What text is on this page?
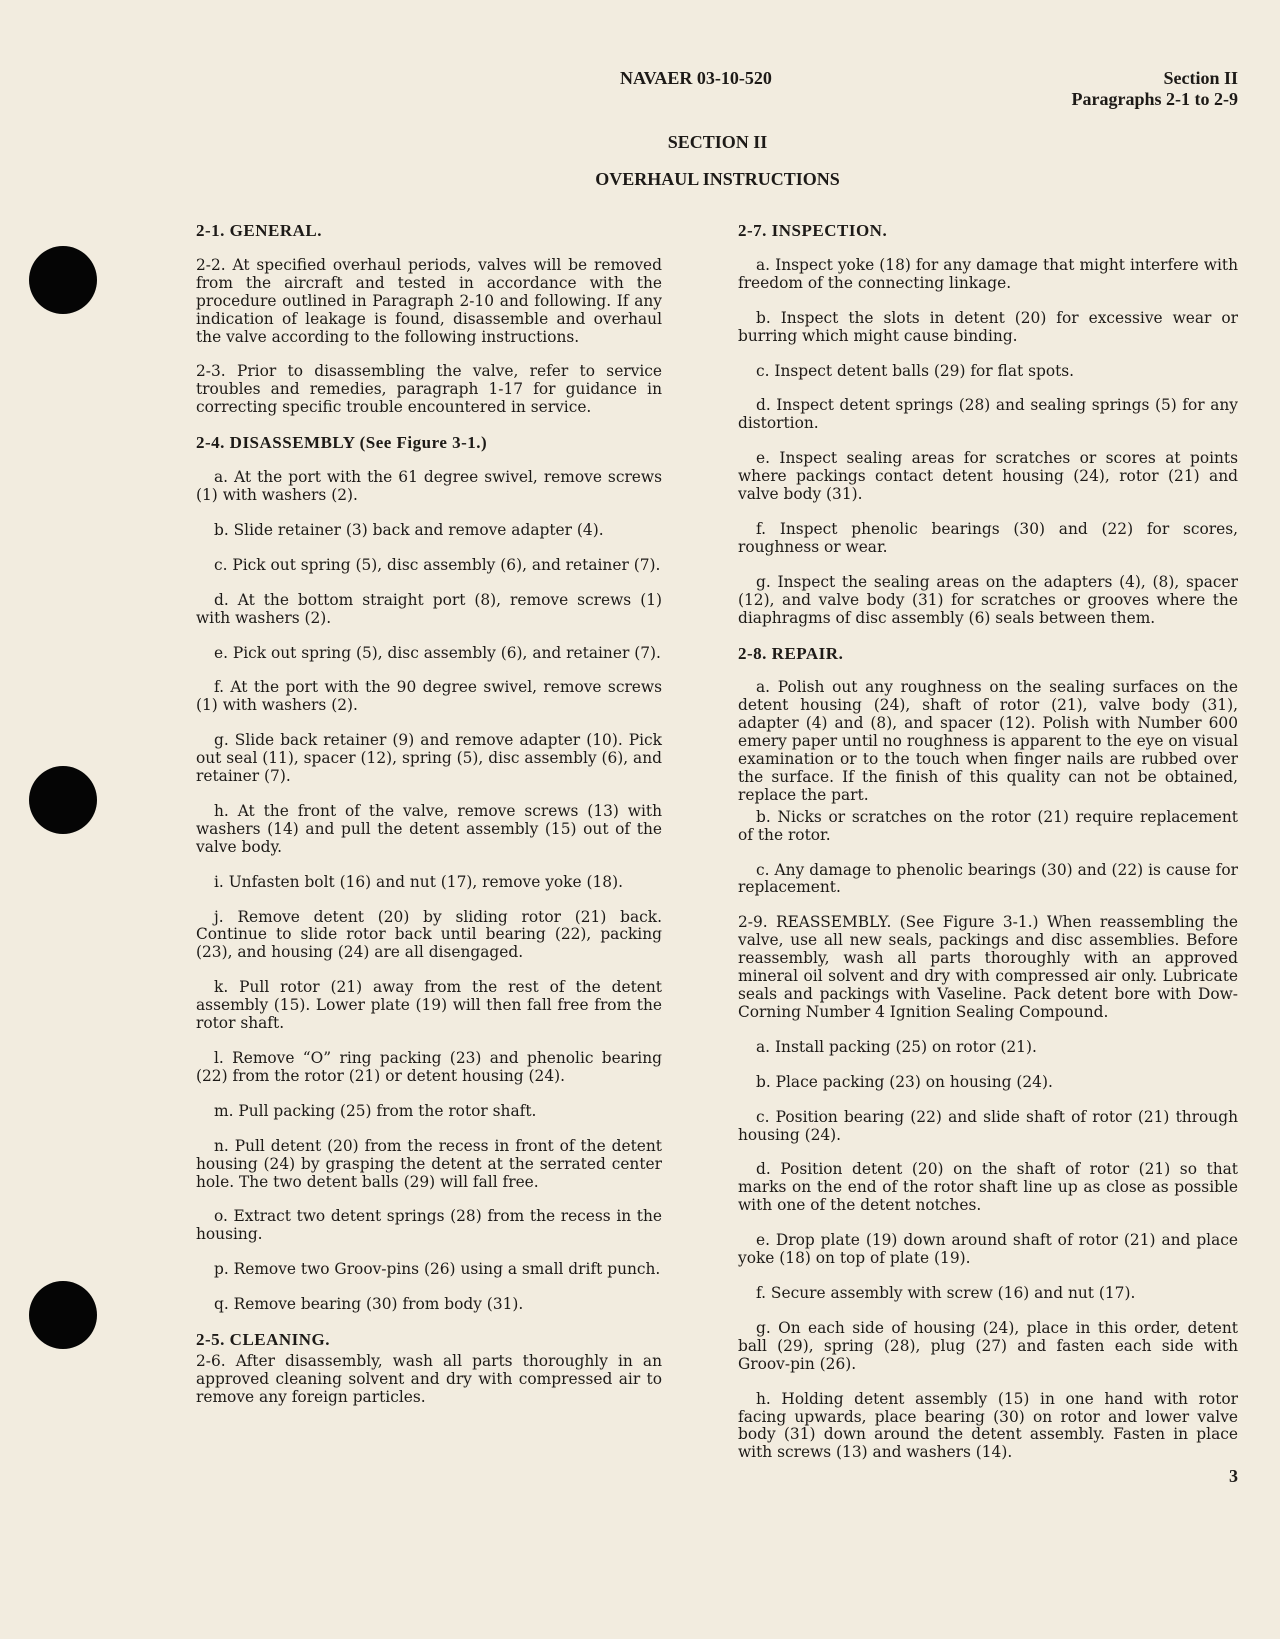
NAVAER 03-10-520	Section II
Paragraphs 2-1 to 2-9
SECTION II
OVERHAUL INSTRUCTIONS

2-1. GENERAL.

2-2. At specified overhaul periods, valves will be removed from the aircraft and tested in accordance with the procedure outlined in Paragraph 2-10 and following. If any indication of leakage is found, disassemble and overhaul the valve according to the following instructions.

2-3. Prior to disassembling the valve, refer to service troubles and remedies, paragraph 1-17 for guidance in correcting specific trouble encountered in service.

2-4. DISASSEMBLY (See Figure 3-1.)

a. At the port with the 61 degree swivel, remove screws (1) with washers (2).

b. Slide retainer (3) back and remove adapter (4).

c. Pick out spring (5), disc assembly (6), and retainer (7).

d. At the bottom straight port (8), remove screws (1) with washers (2).

e. Pick out spring (5), disc assembly (6), and retainer (7).

f. At the port with the 90 degree swivel, remove screws (1) with washers (2).

g. Slide back retainer (9) and remove adapter (10). Pick out seal (11), spacer (12), spring (5), disc assembly (6), and retainer (7).

h. At the front of the valve, remove screws (13) with washers (14) and pull the detent assembly (15) out of the valve body.

i. Unfasten bolt (16) and nut (17), remove yoke (18).

j. Remove detent (20) by sliding rotor (21) back. Continue to slide rotor back until bearing (22), packing (23), and housing (24) are all disengaged.

k. Pull rotor (21) away from the rest of the detent assembly (15). Lower plate (19) will then fall free from the rotor shaft.

l. Remove “O” ring packing (23) and phenolic bearing (22) from the rotor (21) or detent housing (24).

m. Pull packing (25) from the rotor shaft.

n. Pull detent (20) from the recess in front of the detent housing (24) by grasping the detent at the serrated center hole. The two detent balls (29) will fall free.

o. Extract two detent springs (28) from the recess in the housing.

p. Remove two Groov-pins (26) using a small drift punch.

q. Remove bearing (30) from body (31).

2-5. CLEANING.

2-6. After disassembly, wash all parts thoroughly in an approved cleaning solvent and dry with compressed air to remove any foreign particles.

2-7. INSPECTION.

a. Inspect yoke (18) for any damage that might interfere with freedom of the connecting linkage.

b. Inspect the slots in detent (20) for excessive wear or burring which might cause binding.

c. Inspect detent balls (29) for flat spots.

d. Inspect detent springs (28) and sealing springs (5) for any distortion.

e. Inspect sealing areas for scratches or scores at points where packings contact detent housing (24), rotor (21) and valve body (31).

f. Inspect phenolic bearings (30) and (22) for scores, roughness or wear.

g. Inspect the sealing areas on the adapters (4), (8), spacer (12), and valve body (31) for scratches or grooves where the diaphragms of disc assembly (6) seals between them.

2-8. REPAIR.

a. Polish out any roughness on the sealing surfaces on the detent housing (24), shaft of rotor (21), valve body (31), adapter (4) and (8), and spacer (12). Polish with Number 600 emery paper until no roughness is apparent to the eye on visual examination or to the touch when finger nails are rubbed over the surface. If the finish of this quality can not be obtained, replace the part.

b. Nicks or scratches on the rotor (21) require replacement of the rotor.

c. Any damage to phenolic bearings (30) and (22) is cause for replacement.

2-9. REASSEMBLY. (See Figure 3-1.) When reassembling the valve, use all new seals, packings and disc assemblies. Before reassembly, wash all parts thoroughly with an approved mineral oil solvent and dry with compressed air only. Lubricate seals and packings with Vaseline. Pack detent bore with Dow-Corning Number 4 Ignition Sealing Compound.

a. Install packing (25) on rotor (21).

b. Place packing (23) on housing (24).

c. Position bearing (22) and slide shaft of rotor (21) through housing (24).

d. Position detent (20) on the shaft of rotor (21) so that marks on the end of the rotor shaft line up as close as possible with one of the detent notches.

e. Drop plate (19) down around shaft of rotor (21) and place yoke (18) on top of plate (19).

f. Secure assembly with screw (16) and nut (17).

g. On each side of housing (24), place in this order, detent ball (29), spring (28), plug (27) and fasten each side with Groov-pin (26).

h. Holding detent assembly (15) in one hand with rotor facing upwards, place bearing (30) on rotor and lower valve body (31) down around the detent assembly. Fasten in place with screws (13) and washers (14).

3
